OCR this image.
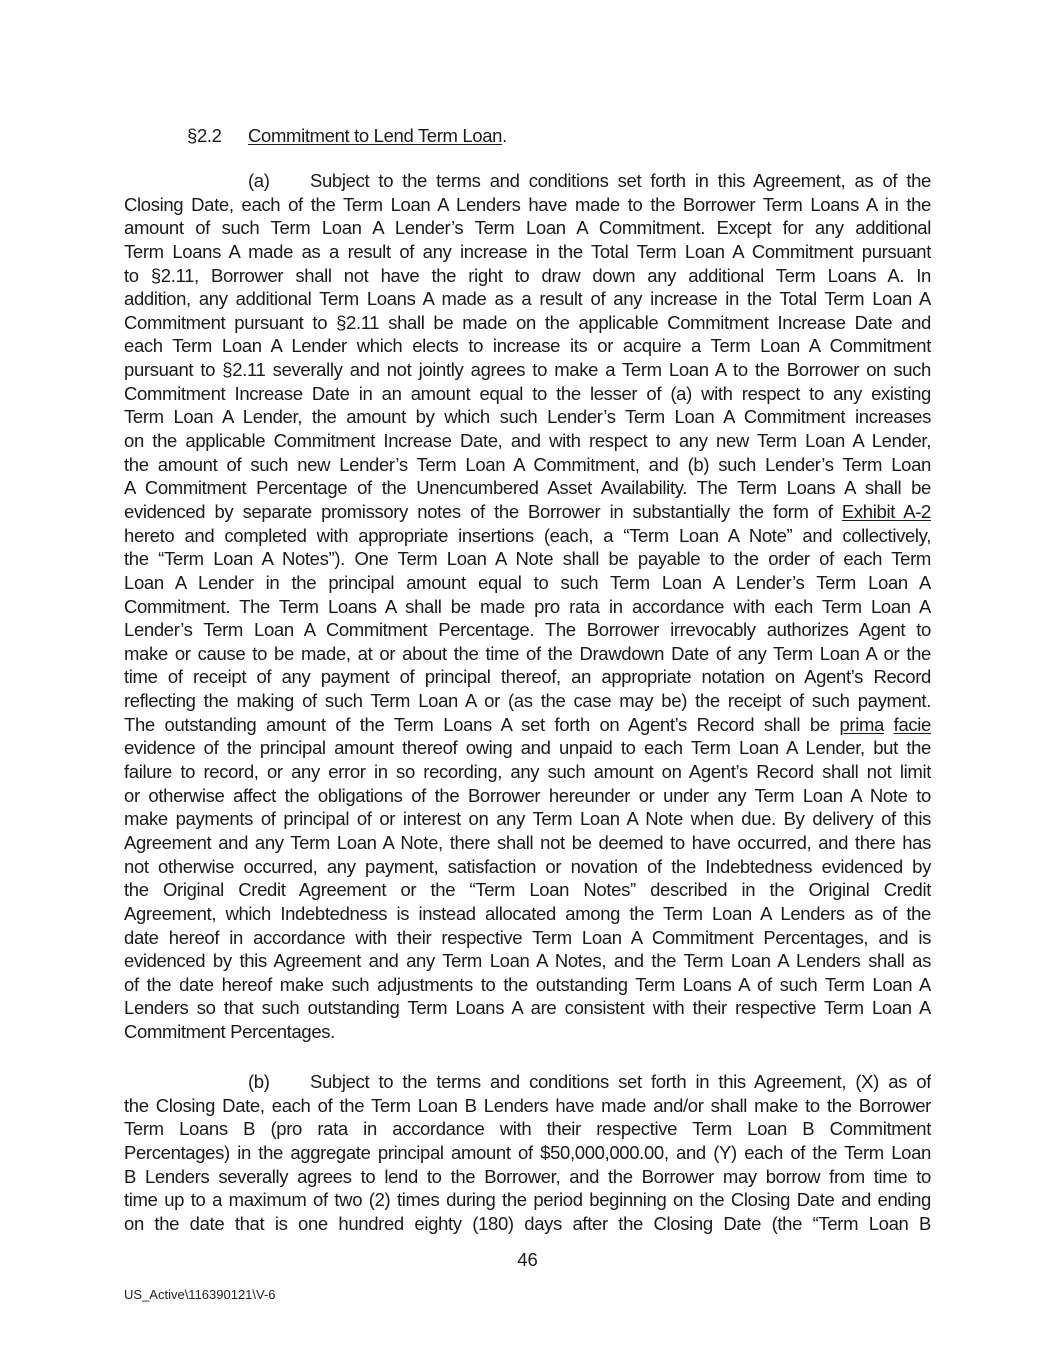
§2.2 Commitment to Lend Term Loan.
(a) Subject to the terms and conditions set forth in this Agreement, as of the
Closing Date, each of the Term Loan A Lenders have made to the Borrower Term Loans A in the
amount of such Term Loan A Lender’s Term Loan A Commitment. Except for any additional
Term Loans A made as a result of any increase in the Total Term Loan A Commitment pursuant
to §2.11, Borrower shall not have the right to draw down any additional Term Loans A. In
addition, any additional Term Loans A made as a result of any increase in the Total Term Loan A
Commitment pursuant to §2.11 shall be made on the applicable Commitment Increase Date and
each Term Loan A Lender which elects to increase its or acquire a Term Loan A Commitment
pursuant to §2.11 severally and not jointly agrees to make a Term Loan A to the Borrower on such
Commitment Increase Date in an amount equal to the lesser of (a) with respect to any existing
Term Loan A Lender, the amount by which such Lender’s Term Loan A Commitment increases
on the applicable Commitment Increase Date, and with respect to any new Term Loan A Lender,
the amount of such new Lender’s Term Loan A Commitment, and (b) such Lender’s Term Loan
A Commitment Percentage of the Unencumbered Asset Availability. The Term Loans A shall be
evidenced by separate promissory notes of the Borrower in substantially the form of Exhibit A-2
hereto and completed with appropriate insertions (each, a “Term Loan A Note” and collectively,
the “Term Loan A Notes”). One Term Loan A Note shall be payable to the order of each Term
Loan A Lender in the principal amount equal to such Term Loan A Lender’s Term Loan A
Commitment. The Term Loans A shall be made pro rata in accordance with each Term Loan A
Lender’s Term Loan A Commitment Percentage. The Borrower irrevocably authorizes Agent to
make or cause to be made, at or about the time of the Drawdown Date of any Term Loan A or the
time of receipt of any payment of principal thereof, an appropriate notation on Agent’s Record
reflecting the making of such Term Loan A or (as the case may be) the receipt of such payment.
The outstanding amount of the Term Loans A set forth on Agent’s Record shall be prima facie
evidence of the principal amount thereof owing and unpaid to each Term Loan A Lender, but the
failure to record, or any error in so recording, any such amount on Agent’s Record shall not limit
or otherwise affect the obligations of the Borrower hereunder or under any Term Loan A Note to
make payments of principal of or interest on any Term Loan A Note when due. By delivery of this
Agreement and any Term Loan A Note, there shall not be deemed to have occurred, and there has
not otherwise occurred, any payment, satisfaction or novation of the Indebtedness evidenced by
the Original Credit Agreement or the “Term Loan Notes” described in the Original Credit
Agreement, which Indebtedness is instead allocated among the Term Loan A Lenders as of the
date hereof in accordance with their respective Term Loan A Commitment Percentages, and is
evidenced by this Agreement and any Term Loan A Notes, and the Term Loan A Lenders shall as
of the date hereof make such adjustments to the outstanding Term Loans A of such Term Loan A
Lenders so that such outstanding Term Loans A are consistent with their respective Term Loan A
Commitment Percentages.
(b) Subject to the terms and conditions set forth in this Agreement, (X) as of
the Closing Date, each of the Term Loan B Lenders have made and/or shall make to the Borrower
Term Loans B (pro rata in accordance with their respective Term Loan B Commitment
Percentages) in the aggregate principal amount of $50,000,000.00, and (Y) each of the Term Loan
B Lenders severally agrees to lend to the Borrower, and the Borrower may borrow from time to
time up to a maximum of two (2) times during the period beginning on the Closing Date and ending
on the date that is one hundred eighty (180) days after the Closing Date (the “Term Loan B
46
US_Active\116390121\V-6
